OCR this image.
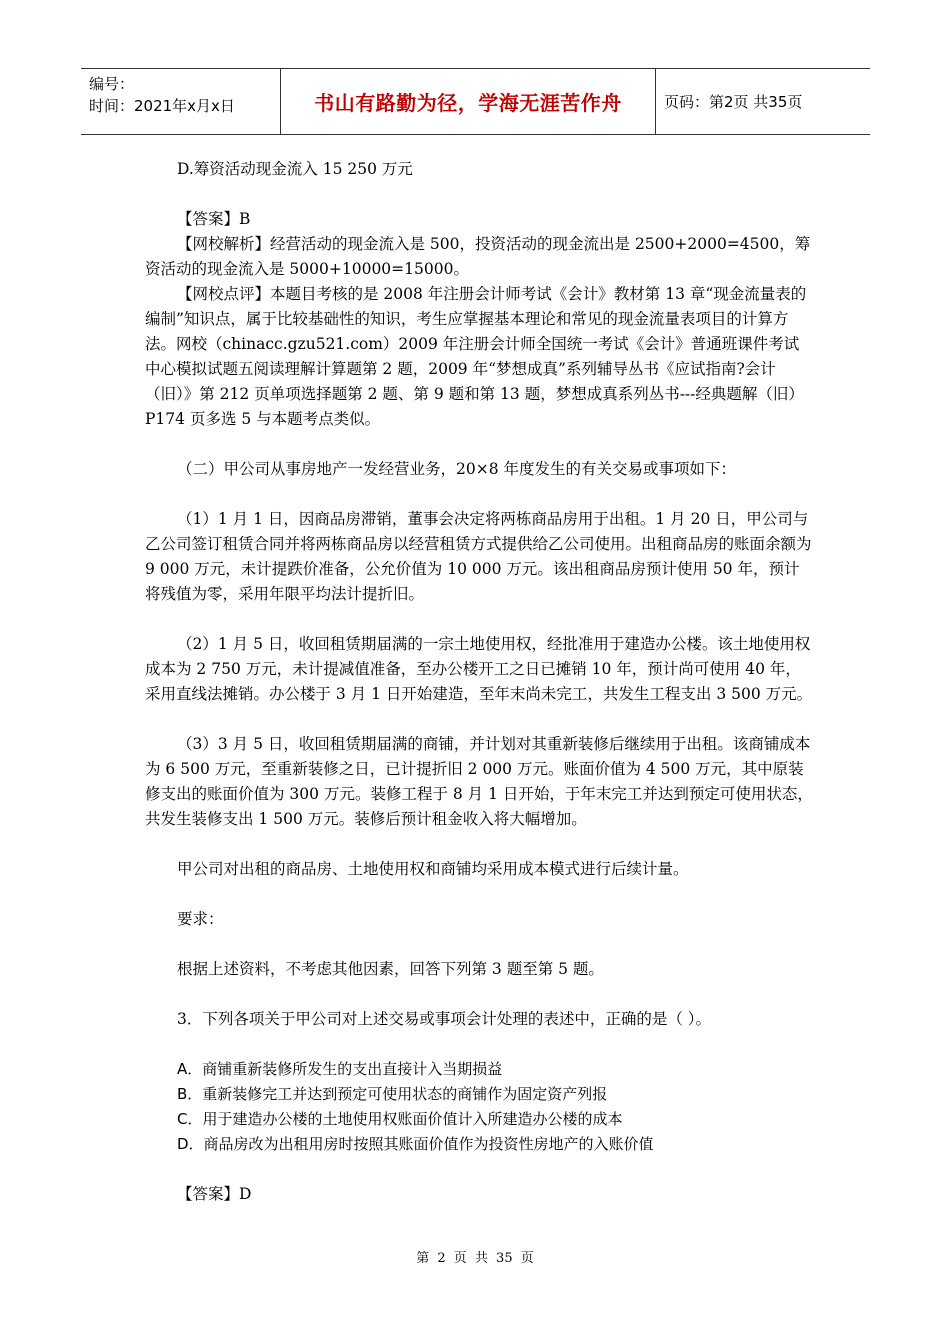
编号：
时间：2021年x月x日	书山有路勤为径，学海无涯苦作舟	页码：第2页 共35页

D.筹资活动现金流入 15 250 万元

【答案】B

【网校解析】经营活动的现金流入是 500，投资活动的现金流出是 2500+2000=4500，筹资活动的现金流入是 5000+10000=15000。

【网校点评】本题目考核的是 2008 年注册会计师考试《会计》教材第 13 章“现金流量表的编制”知识点，属于比较基础性的知识，考生应掌握基本理论和常见的现金流量表项目的计算方法。网校（chinacc.gzu521.com）2009 年注册会计师全国统一考试《会计》普通班课件考试中心模拟试题五阅读理解计算题第 2 题，2009 年“梦想成真”系列辅导丛书《应试指南?会计（旧）》第 212 页单项选择题第 2 题、第 9 题和第 13 题，梦想成真系列丛书---经典题解（旧）P174 页多选 5 与本题考点类似。

（二）甲公司从事房地产一发经营业务，20×8 年度发生的有关交易或事项如下：

（1）1 月 1 日，因商品房滞销，董事会决定将两栋商品房用于出租。1 月 20 日，甲公司与乙公司签订租赁合同并将两栋商品房以经营租赁方式提供给乙公司使用。出租商品房的账面余额为 9 000 万元，未计提跌价准备，公允价值为 10 000 万元。该出租商品房预计使用 50 年，预计将残值为零，采用年限平均法计提折旧。

（2）1 月 5 日，收回租赁期届满的一宗土地使用权，经批准用于建造办公楼。该土地使用权成本为 2 750 万元，未计提减值准备，至办公楼开工之日已摊销 10 年，预计尚可使用 40 年，采用直线法摊销。办公楼于 3 月 1 日开始建造，至年末尚未完工，共发生工程支出 3 500 万元。

（3）3 月 5 日，收回租赁期届满的商铺，并计划对其重新装修后继续用于出租。该商铺成本为 6 500 万元，至重新装修之日，已计提折旧 2 000 万元。账面价值为 4 500 万元，其中原装修支出的账面价值为 300 万元。装修工程于 8 月 1 日开始，于年末完工并达到预定可使用状态，共发生装修支出 1 500 万元。装修后预计租金收入将大幅增加。

甲公司对出租的商品房、土地使用权和商铺均采用成本模式进行后续计量。

要求：

根据上述资料，不考虑其他因素，回答下列第 3 题至第 5 题。

3．下列各项关于甲公司对上述交易或事项会计处理的表述中，正确的是（ ）。

A．商铺重新装修所发生的支出直接计入当期损益

B．重新装修完工并达到预定可使用状态的商铺作为固定资产列报

C．用于建造办公楼的土地使用权账面价值计入所建造办公楼的成本

D．商品房改为出租用房时按照其账面价值作为投资性房地产的入账价值

【答案】D

第 2 页 共 35 页
